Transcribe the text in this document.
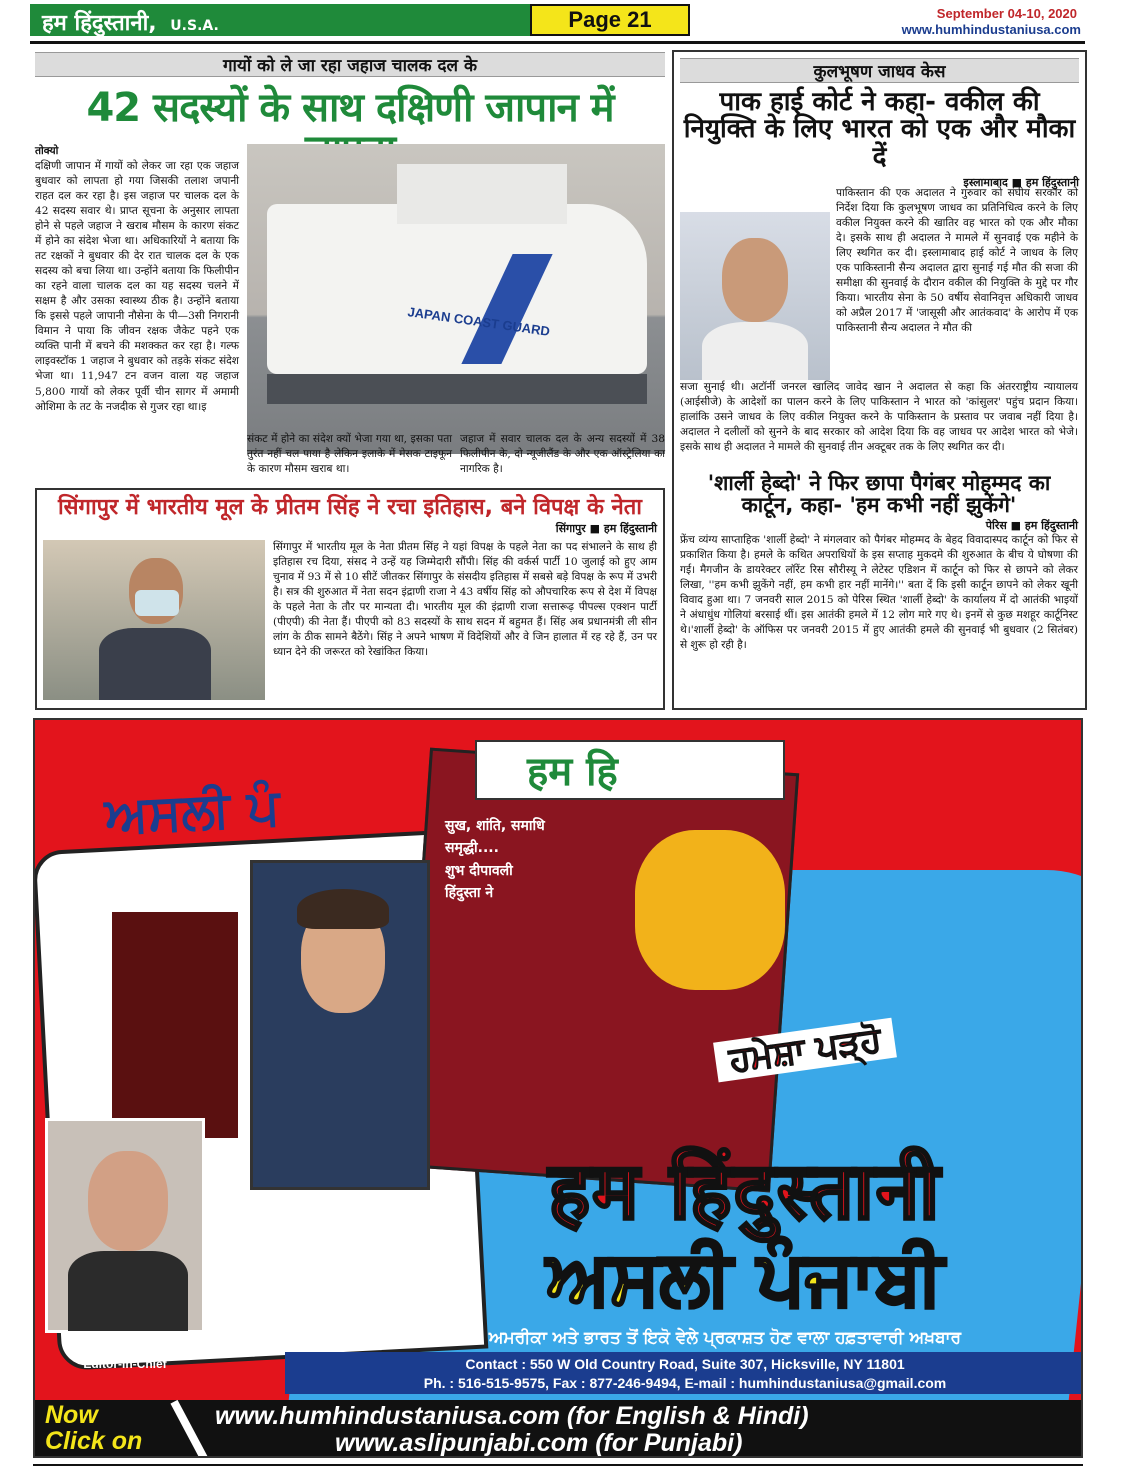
हम हिंदुस्तानी, U.S.A.	Page 21	September 04-10, 2020
www.humhindustaniusa.com
गायों को ले जा रहा जहाज चालक दल के
42 सदस्यों के साथ दक्षिणी जापान में
तोक्यो
दक्षिणी जापान में गायों को लेकर जा रहा एक जहाज बुधवार को लापता हो गया जिसकी तलाश जपानी राहत दल कर रहा है। इस जहाज पर चालक दल के 42 सदस्य सवार थे। प्राप्त सूचना के अनुसार लापता होने से पहले जहाज ने खराब मौसम के कारण संकट में होने का संदेश भेजा था। अधिकारियों ने बताया कि तट रक्षकों ने बुधवार की देर रात चालक दल के एक सदस्य को बचा लिया था। उन्होंने बताया कि फिलीपीन का रहने वाला चालक दल का यह सदस्य चलने में सक्षम है और उसका स्वास्थ्य ठीक है। उन्होंने बताया कि इससे पहले जापानी नौसेना के पी—3सी निगरानी विमान ने पाया कि जीवन रक्षक जैकेट पहने एक व्यक्ति पानी में बचने की मशक्कत कर रहा है। गल्फ लाइवस्टॉक 1 जहाज ने बुधवार को तड़के संकट संदेश भेजा था। 11,947 टन वजन वाला यह जहाज 5,800 गायों को लेकर पूर्वी चीन सागर में अमामी ओशिमा के तट के नजदीक से गुजर रहा था।इ
JAPAN COAST GUARD
संकट में होने का संदेश क्यों भेजा गया था, इसका पता तुरंत नहीं चल पाया है लेकिन इलाके में मेसक टाइफून के कारण मौसम खराब था।
जहाज में सवार चालक दल के अन्य सदस्यों में 38 फिलीपीन के, दो न्यूजीलैंड के और एक ऑस्ट्रेलिया का नागरिक है।
कुलभूषण जाधव केस
पाक हाई कोर्ट ने कहा- वकील की नियुक्ति के लिए भारत को एक और मौका दें
इस्लामाबाद ■ हम हिंदुस्तानी
पाकिस्तान की एक अदालत ने गुरुवार को संघीय सरकार को निर्देश दिया कि कुलभूषण जाधव का प्रतिनिधित्व करने के लिए वकील नियुक्त करने की खातिर वह भारत को एक और मौका दे। इसके साथ ही अदालत ने मामले में सुनवाई एक महीने के लिए स्थगित कर दी। इस्लामाबाद हाई कोर्ट ने जाधव के लिए एक पाकिस्तानी सैन्य अदालत द्वारा सुनाई गई मौत की सजा की समीक्षा की सुनवाई के दौरान वकील की नियुक्ति के मुद्दे पर गौर किया। भारतीय सेना के 50 वर्षीय सेवानिवृत्त अधिकारी जाधव को अप्रैल 2017 में 'जासूसी और आतंकवाद' के आरोप में एक पाकिस्तानी सैन्य अदालत ने मौत की
सजा सुनाई थी। अटॉर्नी जनरल खालिद जावेद खान ने अदालत से कहा कि अंतरराष्ट्रीय न्यायालय (आईसीजे) के आदेशों का पालन करने के लिए पाकिस्तान ने भारत को 'कांसुलर' पहुंच प्रदान किया। हालांकि उसने जाधव के लिए वकील नियुक्त करने के पाकिस्तान के प्रस्ताव पर जवाब नहीं दिया है।अदालत ने दलीलों को सुनने के बाद सरकार को आदेश दिया कि वह जाधव पर आदेश भारत को भेजे। इसके साथ ही अदालत ने मामले की सुनवाई तीन अक्टूबर तक के लिए स्थगित कर दी।
'शार्ली हेब्दो' ने फिर छापा पैगंबर मोहम्मद का कार्टून, कहा- 'हम कभी नहीं झुकेंगे'
पेरिस ■ हम हिंदुस्तानी
फ्रेंच व्यंग्य साप्ताहिक 'शार्ली हेब्दो' ने मंगलवार को पैगंबर मोहम्मद के बेहद विवादास्पद कार्टून को फिर से प्रकाशित किया है। हमले के कथित अपराधियों के इस सप्ताह मुकदमे की शुरुआत के बीच ये घोषणा की गई। मैगजीन के डायरेक्टर लॉरेंट रिस सौरीस्यू ने लेटेस्ट एडिशन में कार्टून को फिर से छापने को लेकर लिखा, ''हम कभी झुकेंगे नहीं, हम कभी हार नहीं मानेंगे।'' बता दें कि इसी कार्टून छापने को लेकर खूनी विवाद हुआ था। 7 जनवरी साल 2015 को पेरिस स्थित 'शार्ली हेब्दो' के कार्यालय में दो आतंकी भाइयों ने अंधाधुंध गोलियां बरसाई थीं। इस आतंकी हमले में 12 लोग मारे गए थे। इनमें से कुछ मशहूर कार्टूनिस्ट थे।'शार्ली हेब्दो' के ऑफिस पर जनवरी 2015 में हुए आतंकी हमले की सुनवाई भी बुधवार (2 सितंबर) से शुरू हो रही है।
सिंगापुर में भारतीय मूल के प्रीतम सिंह ने रचा इतिहास, बने विपक्ष के नेता
सिंगापुर ■ हम हिंदुस्तानी
सिंगापुर में भारतीय मूल के नेता प्रीतम सिंह ने यहां विपक्ष के पहले नेता का पद संभालने के साथ ही इतिहास रच दिया, संसद ने उन्हें यह जिम्मेदारी सौंपी। सिंह की वर्कर्स पार्टी 10 जुलाई को हुए आम चुनाव में 93 में से 10 सीटें जीतकर सिंगापुर के संसदीय इतिहास में सबसे बड़े विपक्ष के रूप में उभरी है। सत्र की शुरुआत में नेता सदन इंद्राणी राजा ने 43 वर्षीय सिंह को औपचारिक रूप से देश में विपक्ष के पहले नेता के तौर पर मान्यता दी। भारतीय मूल की इंद्राणी राजा सत्तारूढ़ पीपल्स एक्शन पार्टी (पीएपी) की नेता हैं। पीएपी को 83 सदस्यों के साथ सदन में बहुमत हैं। सिंह अब प्रधानमंत्री ली सीन लांग के ठीक सामने बैठेंगे। सिंह ने अपने भाषण में विदेशियों और वे जिन हालात में रह रहे हैं, उन पर ध्यान देने की जरूरत को रेखांकित किया।
ਅਸਲੀ ਪੰ
हम हि
सुख, शांति, समाधि
समृद्धी....
शुभ दीपावली
हिंदुस्ता ने
ਹਮੇਸ਼ਾ ਪੜ੍ਹੋ
हम हिंदुस्तानी
ਅਸਲੀ ਪੰਜਾਬੀ
ਅਮਰੀਕਾ ਅਤੇ ਭਾਰਤ ਤੋਂ ਇਕੋ ਵੇਲੇ ਪ੍ਰਕਾਸ਼ਤ ਹੋਣ ਵਾਲਾ ਹਫ਼ਤਾਵਾਰੀ ਅਖ਼ਬਾਰ
Contact : 550 W Old Country Road, Suite 307, Hicksville, NY 11801
Ph. : 516-515-9575, Fax : 877-246-9494, E-mail : humhindustaniusa@gmail.com
Jasbir 'Jay' Singh
Editor-in-Chief
Now
Click on
www.humhindustaniusa.com (for English & Hindi)
www.aslipunjabi.com (for Punjabi)
